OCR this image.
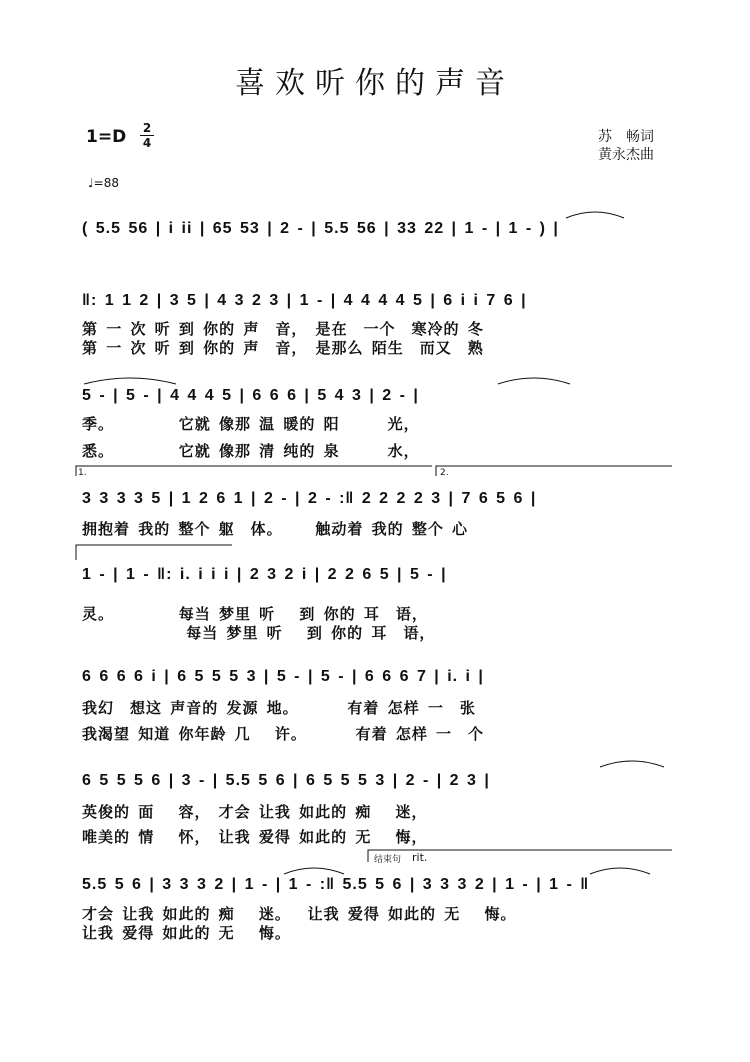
喜欢听你的声音
1=D 2
4
♩=88
苏　畅词
黄永杰曲
( 5.5 56 | i ii | 65 53 | 2 - | 5.5 56 | 33 22 | 1 - | 1 - ) |
‖: 1 1 2 | 3 5 | 4 3 2 3 | 1 - | 4 4 4 4 5 | 6 i i 7 6 |
第 一 次 听 到 你的 声　音， 是在　一个　寒冷的 冬
第 一 次 听 到 你的 声　音， 是那么 陌生　而又　熟
5 - | 5 - | 4 4 4 5 | 6 6 6 | 5 4 3 | 2 - |
季。　　　　 它就 像那 温 暖的 阳　　　光，
悉。　　　　 它就 像那 清 纯的 泉　　　水，
1.	2.
3 3 3 3 5 | 1 2 6 1 | 2 - | 2 - :‖ 2 2 2 2 3 | 7 6 5 6 |
拥抱着 我的 整个 躯　体。　　 触动着 我的 整个 心
1 - | 1 - ‖: i. i i i | 2 3 2 i | 2 2 6 5 | 5 - |
灵。　　　　 每当 梦里 听　 到 你的 耳　语，
　　　　　　 每当 梦里 听　 到 你的 耳　语，
6 6 6 6 i | 6 5 5 5 3 | 5 - | 5 - | 6 6 6 7 | i. i |
我幻　想这 声音的 发源 地。　　　 有着 怎样 一　张
我渴望 知道 你年龄 几　 许。　　　 有着 怎样 一　个
6 5 5 5 6 | 3 - | 5.5 5 6 | 6 5 5 5 3 | 2 - | 2 3 |
英俊的 面　 容， 才会 让我 如此的 痴　 迷，
唯美的 情　 怀， 让我 爱得 如此的 无　 悔，
结束句 rit.
5.5 5 6 | 3 3 3 2 | 1 - | 1 - :‖ 5.5 5 6 | 3 3 3 2 | 1 - | 1 - ‖
才会 让我 如此的 痴　 迷。　 让我 爱得 如此的 无　 悔。
让我 爱得 如此的 无　 悔。
